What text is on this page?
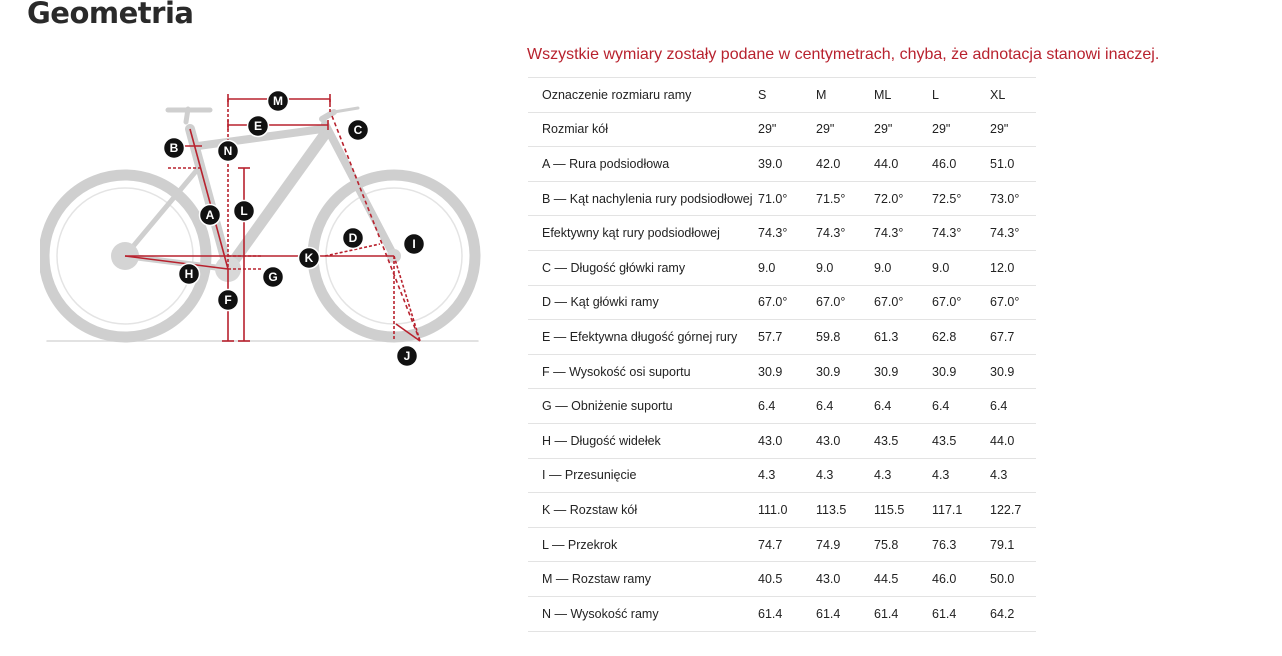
Geometria
A
B
C
D
E
F
G
H
I
J
K
L
M
N

Wszystkie wymiary zostały podane w centymetrach, chyba, że adnotacja stanowi inaczej.

Oznaczenie rozmiaru ramy	S	M	ML	L	XL
Rozmiar kół	29"	29"	29"	29"	29"
A — Rura podsiodłowa	39.0	42.0	44.0	46.0	51.0
B — Kąt nachylenia rury podsiodłowej	71.0°	71.5°	72.0°	72.5°	73.0°
Efektywny kąt rury podsiodłowej	74.3°	74.3°	74.3°	74.3°	74.3°
C — Długość główki ramy	9.0	9.0	9.0	9.0	12.0
D — Kąt główki ramy	67.0°	67.0°	67.0°	67.0°	67.0°
E — Efektywna długość górnej rury	57.7	59.8	61.3	62.8	67.7
F — Wysokość osi suportu	30.9	30.9	30.9	30.9	30.9
G — Obniżenie suportu	6.4	6.4	6.4	6.4	6.4
H — Długość widełek	43.0	43.0	43.5	43.5	44.0
I — Przesunięcie	4.3	4.3	4.3	4.3	4.3
K — Rozstaw kół	111.0	113.5	115.5	117.1	122.7
L — Przekrok	74.7	74.9	75.8	76.3	79.1
M — Rozstaw ramy	40.5	43.0	44.5	46.0	50.0
N — Wysokość ramy	61.4	61.4	61.4	61.4	64.2
